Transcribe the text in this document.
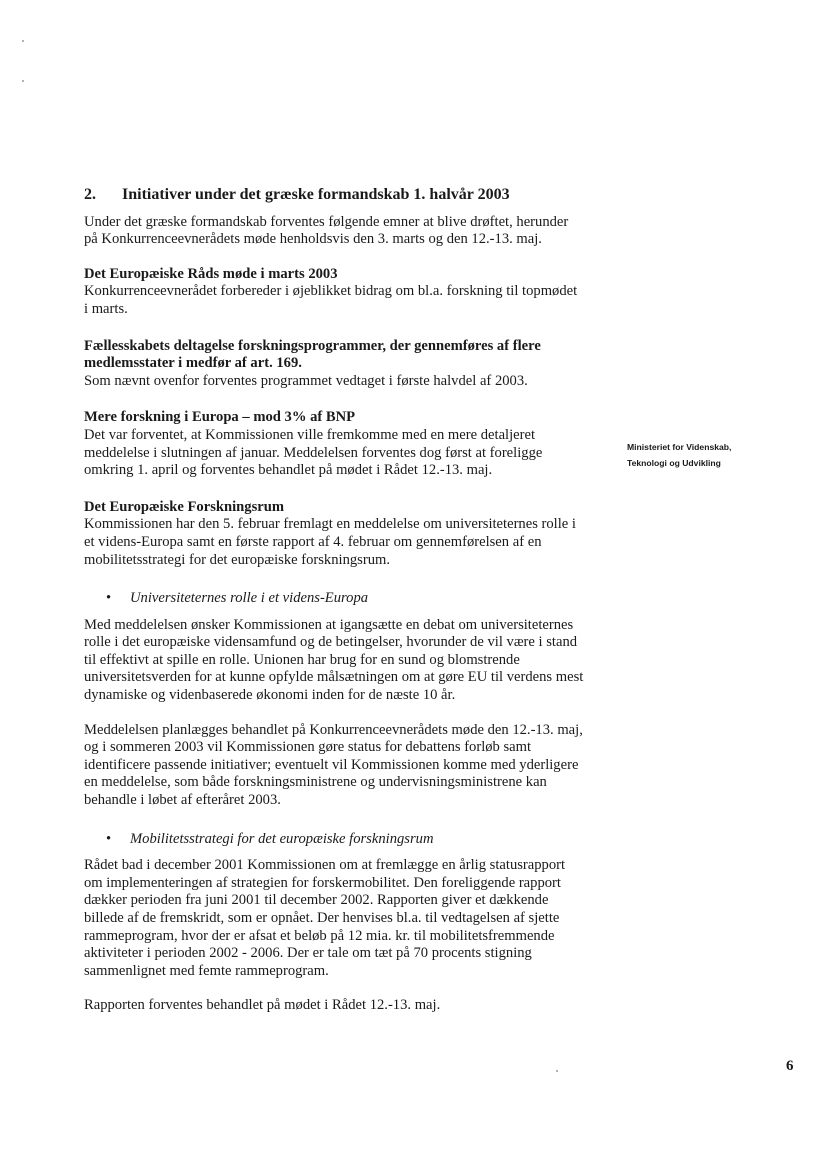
2.	Initiativer under det græske formandskab 1. halvår 2003

Under det græske formandskab forventes følgende emner at blive drøftet, herunder på Konkurrenceevnerådets møde henholdsvis den 3. marts og den 12.-13. maj.

Det Europæiske Råds møde i marts 2003

Konkurrenceevnerådet forbereder i øjeblikket bidrag om bl.a. forskning til topmødet i marts.

Fællesskabets deltagelse forskningsprogrammer, der gennemføres af flere medlemsstater i medfør af art. 169.

Som nævnt ovenfor forventes programmet vedtaget i første halvdel af 2003.

Mere forskning i Europa – mod 3% af BNP

Det var forventet, at Kommissionen ville fremkomme med en mere detaljeret meddelelse i slutningen af januar. Meddelelsen forventes dog først at foreligge omkring 1. april og forventes behandlet på mødet i Rådet 12.-13. maj.

Det Europæiske Forskningsrum

Kommissionen har den 5. februar fremlagt en meddelelse om universiteternes rolle i et videns-Europa samt en første rapport af 4. februar om gennemførelsen af en mobilitetsstrategi for det europæiske forskningsrum.

•	Universiteternes rolle i et videns-Europa

Med meddelelsen ønsker Kommissionen at igangsætte en debat om universiteternes rolle i det europæiske vidensamfund og de betingelser, hvorunder de vil være i stand til effektivt at spille en rolle. Unionen har brug for en sund og blomstrende universitetsverden for at kunne opfylde målsætningen om at gøre EU til verdens mest dynamiske og videnbaserede økonomi inden for de næste 10 år.

Meddelelsen planlægges behandlet på Konkurrenceevnerådets møde den 12.-13. maj, og i sommeren 2003 vil Kommissionen gøre status for debattens forløb samt identificere passende initiativer; eventuelt vil Kommissionen komme med yderligere en meddelelse, som både forskningsministrene og undervisningsministrene kan behandle i løbet af efteråret 2003.

•	Mobilitetsstrategi for det europæiske forskningsrum

Rådet bad i december 2001 Kommissionen om at fremlægge en årlig statusrapport om implementeringen af strategien for forskermobilitet. Den foreliggende rapport dækker perioden fra juni 2001 til december 2002. Rapporten giver et dækkende billede af de fremskridt, som er opnået. Der henvises bl.a. til vedtagelsen af sjette rammeprogram, hvor der er afsat et beløb på 12 mia. kr. til mobilitetsfremmende aktiviteter i perioden 2002 - 2006. Der er tale om tæt på 70 procents stigning sammenlignet med femte rammeprogram.

Rapporten forventes behandlet på mødet i Rådet 12.-13. maj.

Ministeriet for Videnskab,
Teknologi og Udvikling
6
